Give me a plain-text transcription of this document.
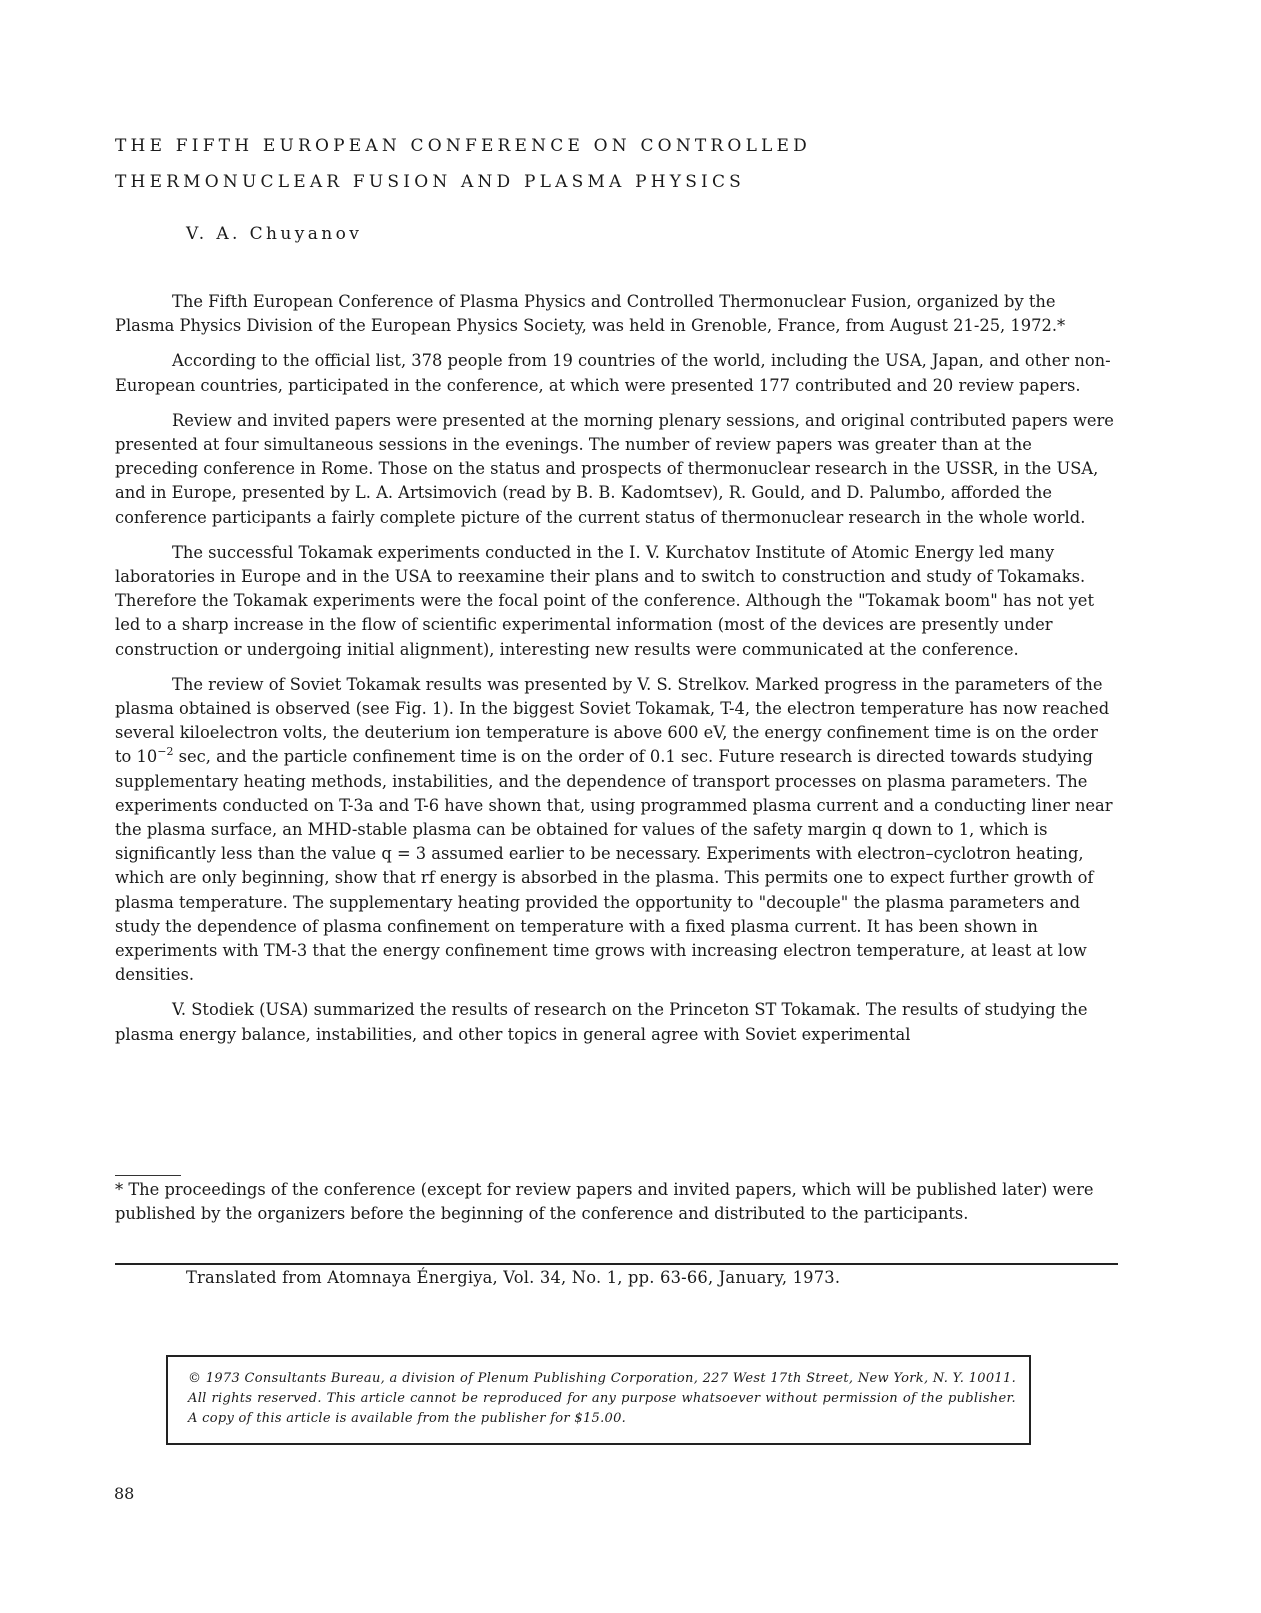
THE FIFTH EUROPEAN CONFERENCE ON CONTROLLED
THERMONUCLEAR FUSION AND PLASMA PHYSICS
V. A. Chuyanov

The Fifth European Conference of Plasma Physics and Controlled Thermonuclear Fusion, organized by the Plasma Physics Division of the European Physics Society, was held in Grenoble, France, from August 21-25, 1972.*

According to the official list, 378 people from 19 countries of the world, including the USA, Japan, and other non-European countries, participated in the conference, at which were presented 177 contributed and 20 review papers.

Review and invited papers were presented at the morning plenary sessions, and original contributed papers were presented at four simultaneous sessions in the evenings. The number of review papers was greater than at the preceding conference in Rome. Those on the status and prospects of thermonuclear research in the USSR, in the USA, and in Europe, presented by L. A. Artsimovich (read by B. B. Kadomtsev), R. Gould, and D. Palumbo, afforded the conference participants a fairly complete picture of the current status of thermonuclear research in the whole world.

The successful Tokamak experiments conducted in the I. V. Kurchatov Institute of Atomic Energy led many laboratories in Europe and in the USA to reexamine their plans and to switch to construction and study of Tokamaks. Therefore the Tokamak experiments were the focal point of the conference. Although the "Tokamak boom" has not yet led to a sharp increase in the flow of scientific experimental information (most of the devices are presently under construction or undergoing initial alignment), interesting new results were communicated at the conference.

The review of Soviet Tokamak results was presented by V. S. Strelkov. Marked progress in the parameters of the plasma obtained is observed (see Fig. 1). In the biggest Soviet Tokamak, T-4, the electron temperature has now reached several kiloelectron volts, the deuterium ion temperature is above 600 eV, the energy confinement time is on the order to $10^{-2}$ sec, and the particle confinement time is on the order of 0.1 sec. Future research is directed towards studying supplementary heating methods, instabilities, and the dependence of transport processes on plasma parameters. The experiments conducted on T-3a and T-6 have shown that, using programmed plasma current and a conducting liner near the plasma surface, an MHD-stable plasma can be obtained for values of the safety margin q down to 1, which is significantly less than the value q = 3 assumed earlier to be necessary. Experiments with electron–cyclotron heating, which are only beginning, show that rf energy is absorbed in the plasma. This permits one to expect further growth of plasma temperature. The supplementary heating provided the opportunity to "decouple" the plasma parameters and study the dependence of plasma confinement on temperature with a fixed plasma current. It has been shown in experiments with TM-3 that the energy confinement time grows with increasing electron temperature, at least at low densities.

V. Stodiek (USA) summarized the results of research on the Princeton ST Tokamak. The results of studying the plasma energy balance, instabilities, and other topics in general agree with Soviet experimental

* The proceedings of the conference (except for review papers and invited papers, which will be published later) were published by the organizers before the beginning of the conference and distributed to the participants.
Translated from Atomnaya Énergiya, Vol. 34, No. 1, pp. 63-66, January, 1973.
© 1973 Consultants Bureau, a division of Plenum Publishing Corporation, 227 West 17th Street, New York, N. Y. 10011. All rights reserved. This article cannot be reproduced for any purpose whatsoever without permission of the publisher. A copy of this article is available from the publisher for $15.00.
88
